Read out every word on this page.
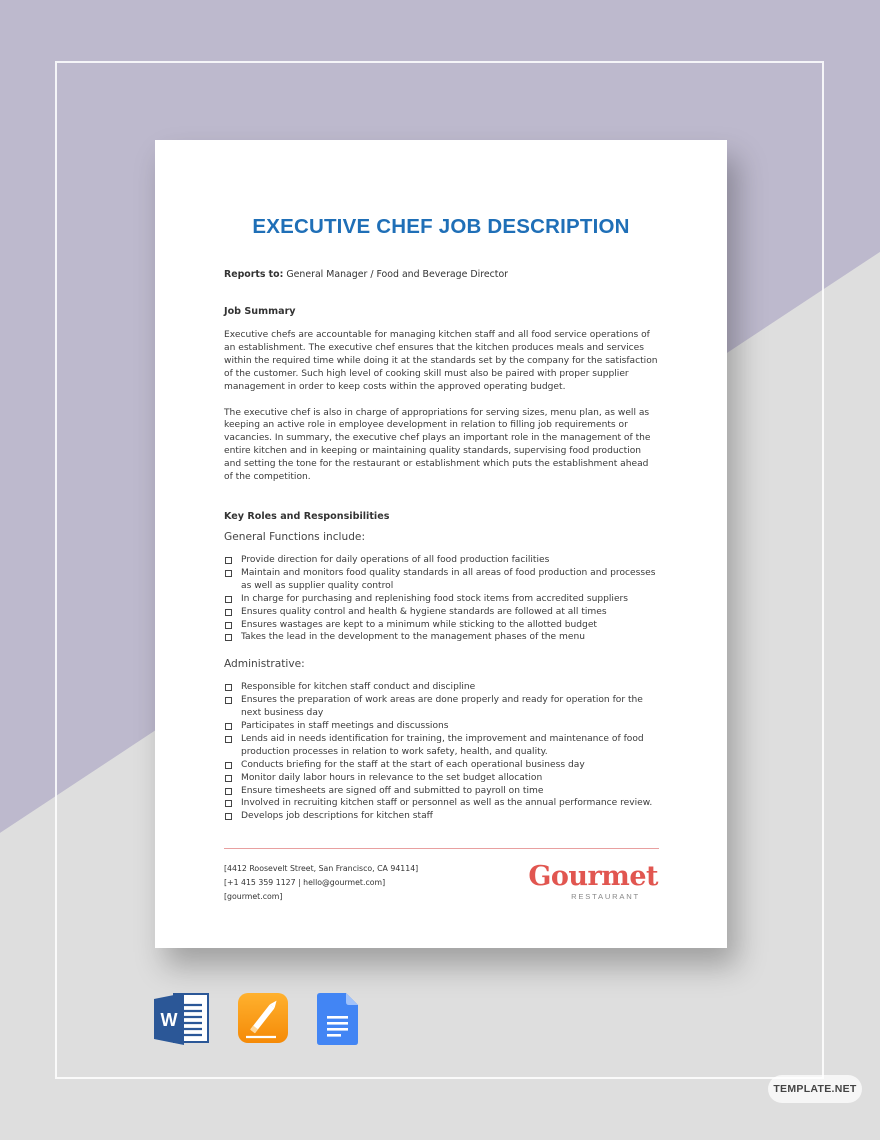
EXECUTIVE CHEF JOB DESCRIPTION
Reports to: General Manager / Food and Beverage Director
Job Summary

Executive chefs are accountable for managing kitchen staff and all food service operations of an establishment. The executive chef ensures that the kitchen produces meals and services within the required time while doing it at the standards set by the company for the satisfaction of the customer. Such high level of cooking skill must also be paired with proper supplier management in order to keep costs within the approved operating budget.

The executive chef is also in charge of appropriations for serving sizes, menu plan, as well as keeping an active role in employee development in relation to filling job requirements or vacancies. In summary, the executive chef plays an important role in the management of the entire kitchen and in keeping or maintaining quality standards, supervising food production and setting the tone for the restaurant or establishment which puts the establishment ahead of the competition.

Key Roles and Responsibilities
General Functions include:
Provide direction for daily operations of all food production facilities
Maintain and monitors food quality standards in all areas of food production and processes as well as supplier quality control
In charge for purchasing and replenishing food stock items from accredited suppliers
Ensures quality control and health & hygiene standards are followed at all times
Ensures wastages are kept to a minimum while sticking to the allotted budget
Takes the lead in the development to the management phases of the menu
Administrative:
Responsible for kitchen staff conduct and discipline
Ensures the preparation of work areas are done properly and ready for operation for the next business day
Participates in staff meetings and discussions
Lends aid in needs identification for training, the improvement and maintenance of food production processes in relation to work safety, health, and quality.
Conducts briefing for the staff at the start of each operational business day
Monitor daily labor hours in relevance to the set budget allocation
Ensure timesheets are signed off and submitted to payroll on time
Involved in recruiting kitchen staff or personnel as well as the annual performance review.
Develops job descriptions for kitchen staff
[4412 Roosevelt Street, San Francisco, CA 94114]
[+1 415 359 1127 | hello@gourmet.com]
[gourmet.com]
Gourmet
RESTAURANT
W
TEMPLATE.NET
